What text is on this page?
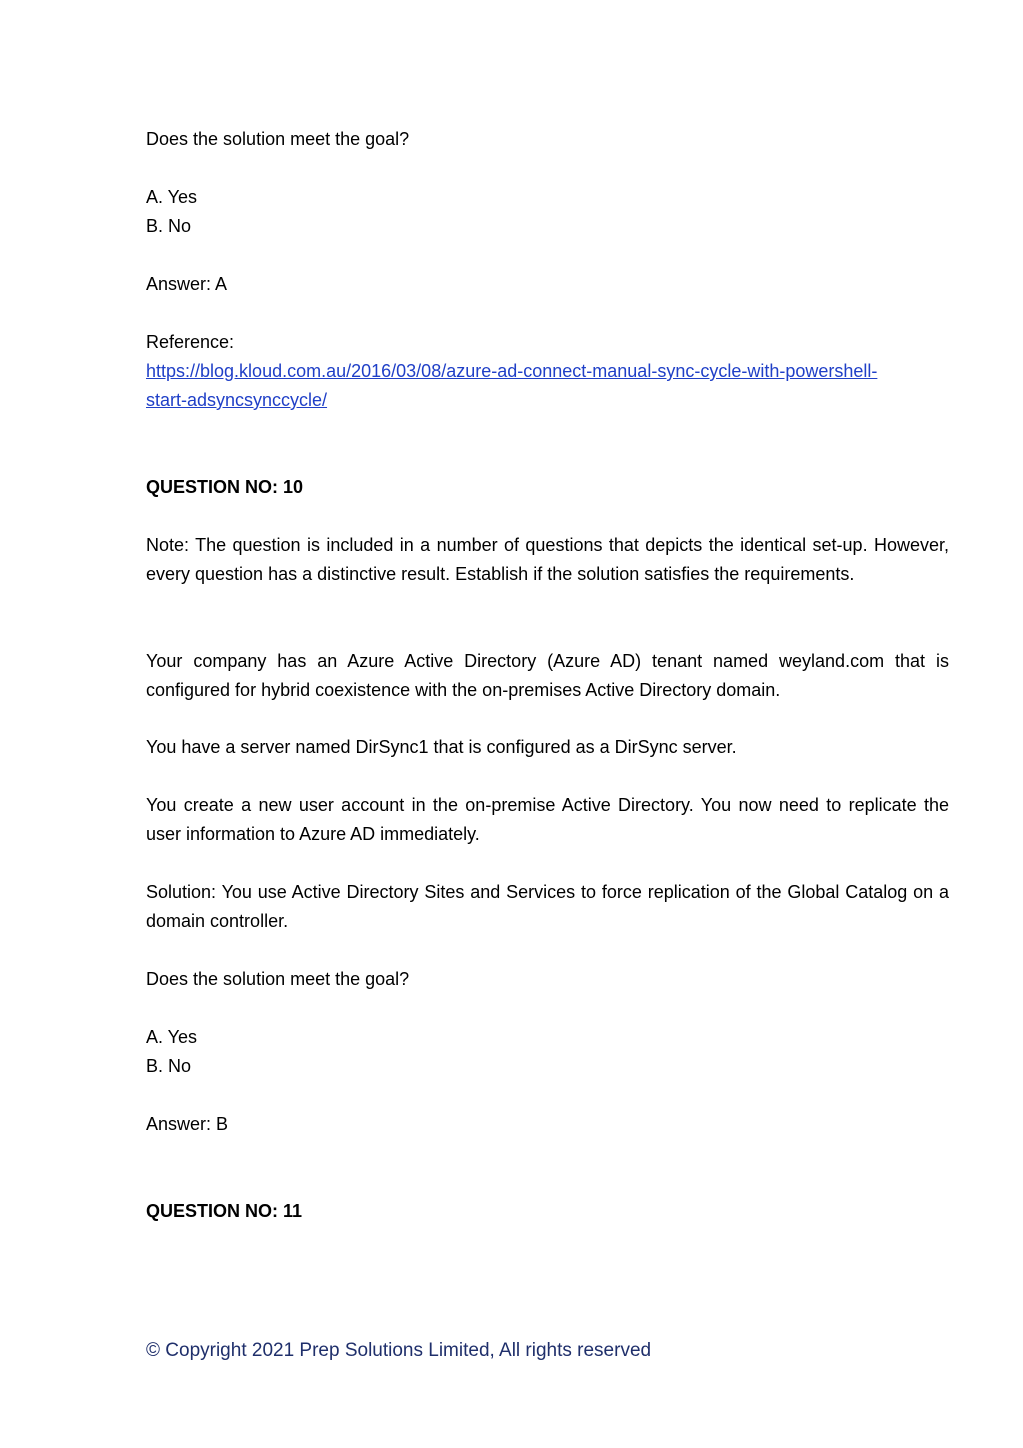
Does the solution meet the goal?
A. Yes
B. No
Answer: A
Reference:
https://blog.kloud.com.au/2016/03/08/azure-ad-connect-manual-sync-cycle-with-powershell-
start-adsyncsynccycle/
QUESTION NO: 10
Note: The question is included in a number of questions that depicts the identical set-up. However, every question has a distinctive result. Establish if the solution satisfies the requirements.
Your company has an Azure Active Directory (Azure AD) tenant named weyland.com that is configured for hybrid coexistence with the on-premises Active Directory domain.
You have a server named DirSync1 that is configured as a DirSync server.
You create a new user account in the on-premise Active Directory. You now need to replicate the user information to Azure AD immediately.
Solution: You use Active Directory Sites and Services to force replication of the Global Catalog on a domain controller.
Does the solution meet the goal?
A. Yes
B. No
Answer: B
QUESTION NO: 11
© Copyright 2021 Prep Solutions Limited, All rights reserved
